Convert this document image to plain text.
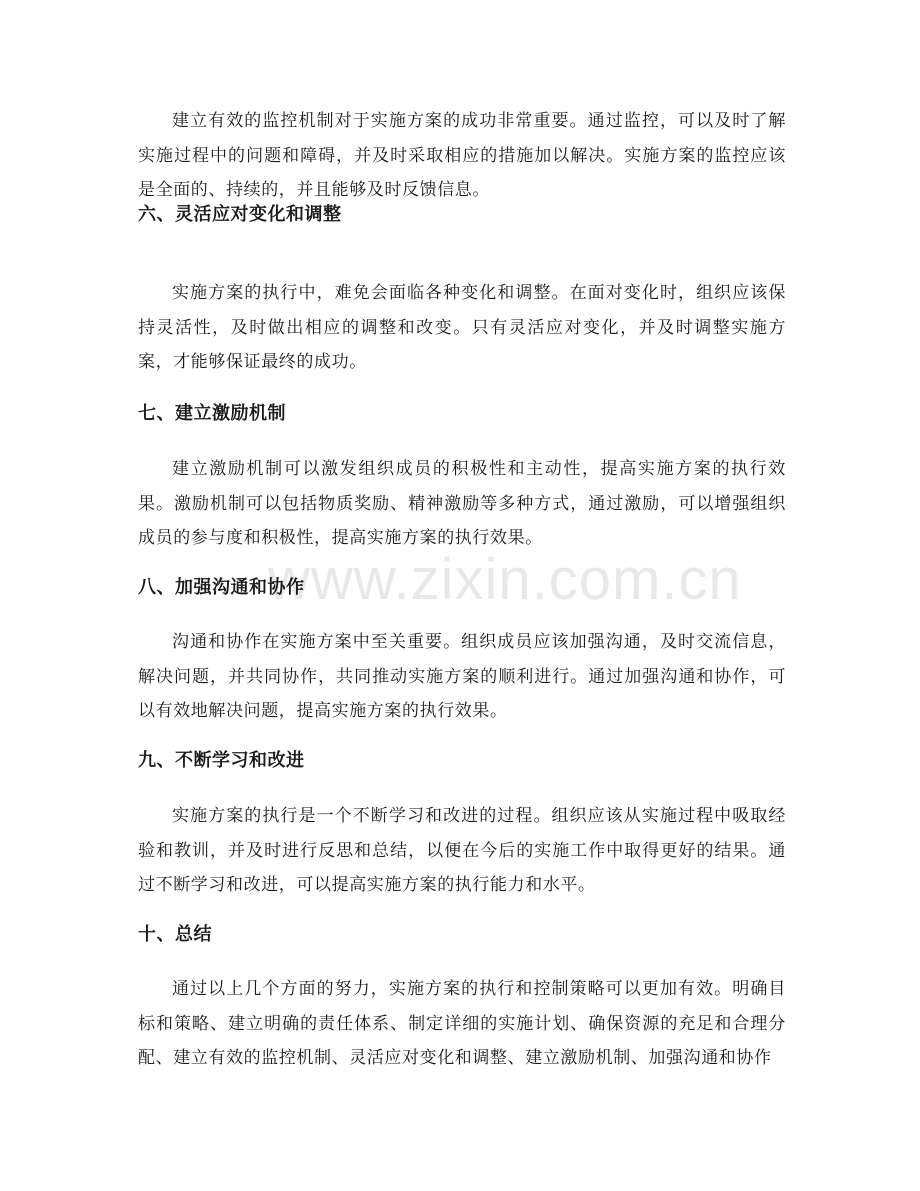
建立有效的监控机制对于实施方案的成功非常重要。通过监控，可以及时了解实施过程中的问题和障碍，并及时采取相应的措施加以解决。实施方案的监控应该是全面的、持续的，并且能够及时反馈信息。

六、灵活应对变化和调整

实施方案的执行中，难免会面临各种变化和调整。在面对变化时，组织应该保持灵活性，及时做出相应的调整和改变。只有灵活应对变化，并及时调整实施方案，才能够保证最终的成功。

七、建立激励机制

建立激励机制可以激发组织成员的积极性和主动性，提高实施方案的执行效果。激励机制可以包括物质奖励、精神激励等多种方式，通过激励，可以增强组织成员的参与度和积极性，提高实施方案的执行效果。

八、加强沟通和协作

沟通和协作在实施方案中至关重要。组织成员应该加强沟通，及时交流信息，解决问题，并共同协作，共同推动实施方案的顺利进行。通过加强沟通和协作，可以有效地解决问题，提高实施方案的执行效果。

九、不断学习和改进

实施方案的执行是一个不断学习和改进的过程。组织应该从实施过程中吸取经验和教训，并及时进行反思和总结，以便在今后的实施工作中取得更好的结果。通过不断学习和改进，可以提高实施方案的执行能力和水平。

十、总结

通过以上几个方面的努力，实施方案的执行和控制策略可以更加有效。明确目标和策略、建立明确的责任体系、制定详细的实施计划、确保资源的充足和合理分配、建立有效的监控机制、灵活应对变化和调整、建立激励机制、加强沟通和协作

www.zixin.com.cn
